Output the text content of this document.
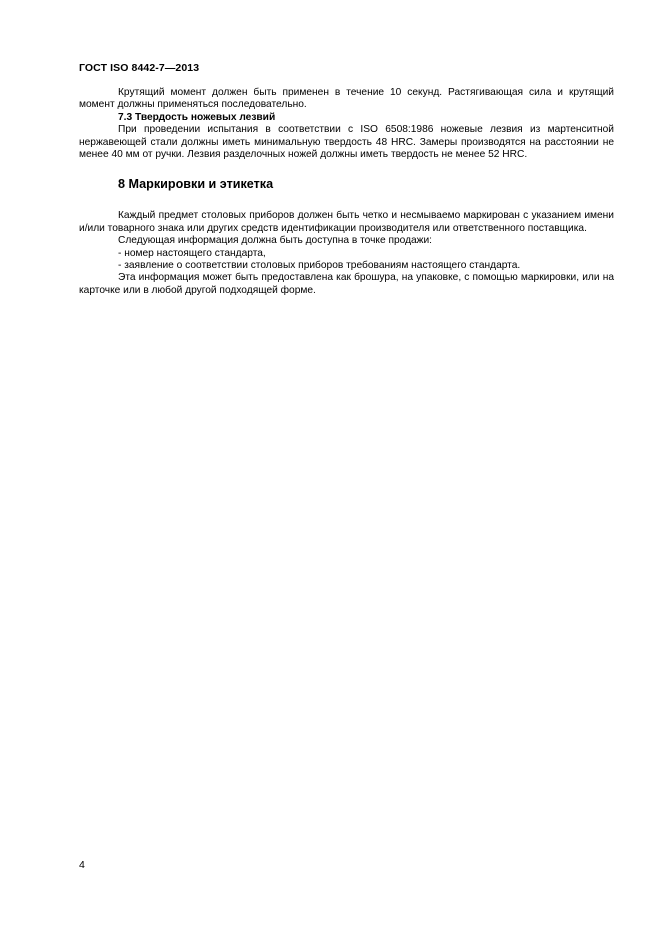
ГОСТ ISO 8442-7—2013

Крутящий момент должен быть применен в течение 10 секунд. Растягивающая сила и крутящий момент должны применяться последовательно.

7.3 Твердость ножевых лезвий

При проведении испытания в соответствии с ISO 6508:1986 ножевые лезвия из мартенситной нержавеющей стали должны иметь минимальную твердость 48 HRC. Замеры производятся на расстоянии не менее 40 мм от ручки. Лезвия разделочных ножей должны иметь твердость не менее 52 HRC.

8 Маркировки и этикетка

Каждый предмет столовых приборов должен быть четко и несмываемо маркирован с указанием имени и/или товарного знака или других средств идентификации производителя или ответственного поставщика.

Следующая информация должна быть доступна в точке продажи:

- номер настоящего стандарта,

- заявление о соответствии столовых приборов требованиям настоящего стандарта.

Эта информация может быть предоставлена как брошура, на упаковке, с помощью маркировки, или на карточке или в любой другой подходящей форме.

4
